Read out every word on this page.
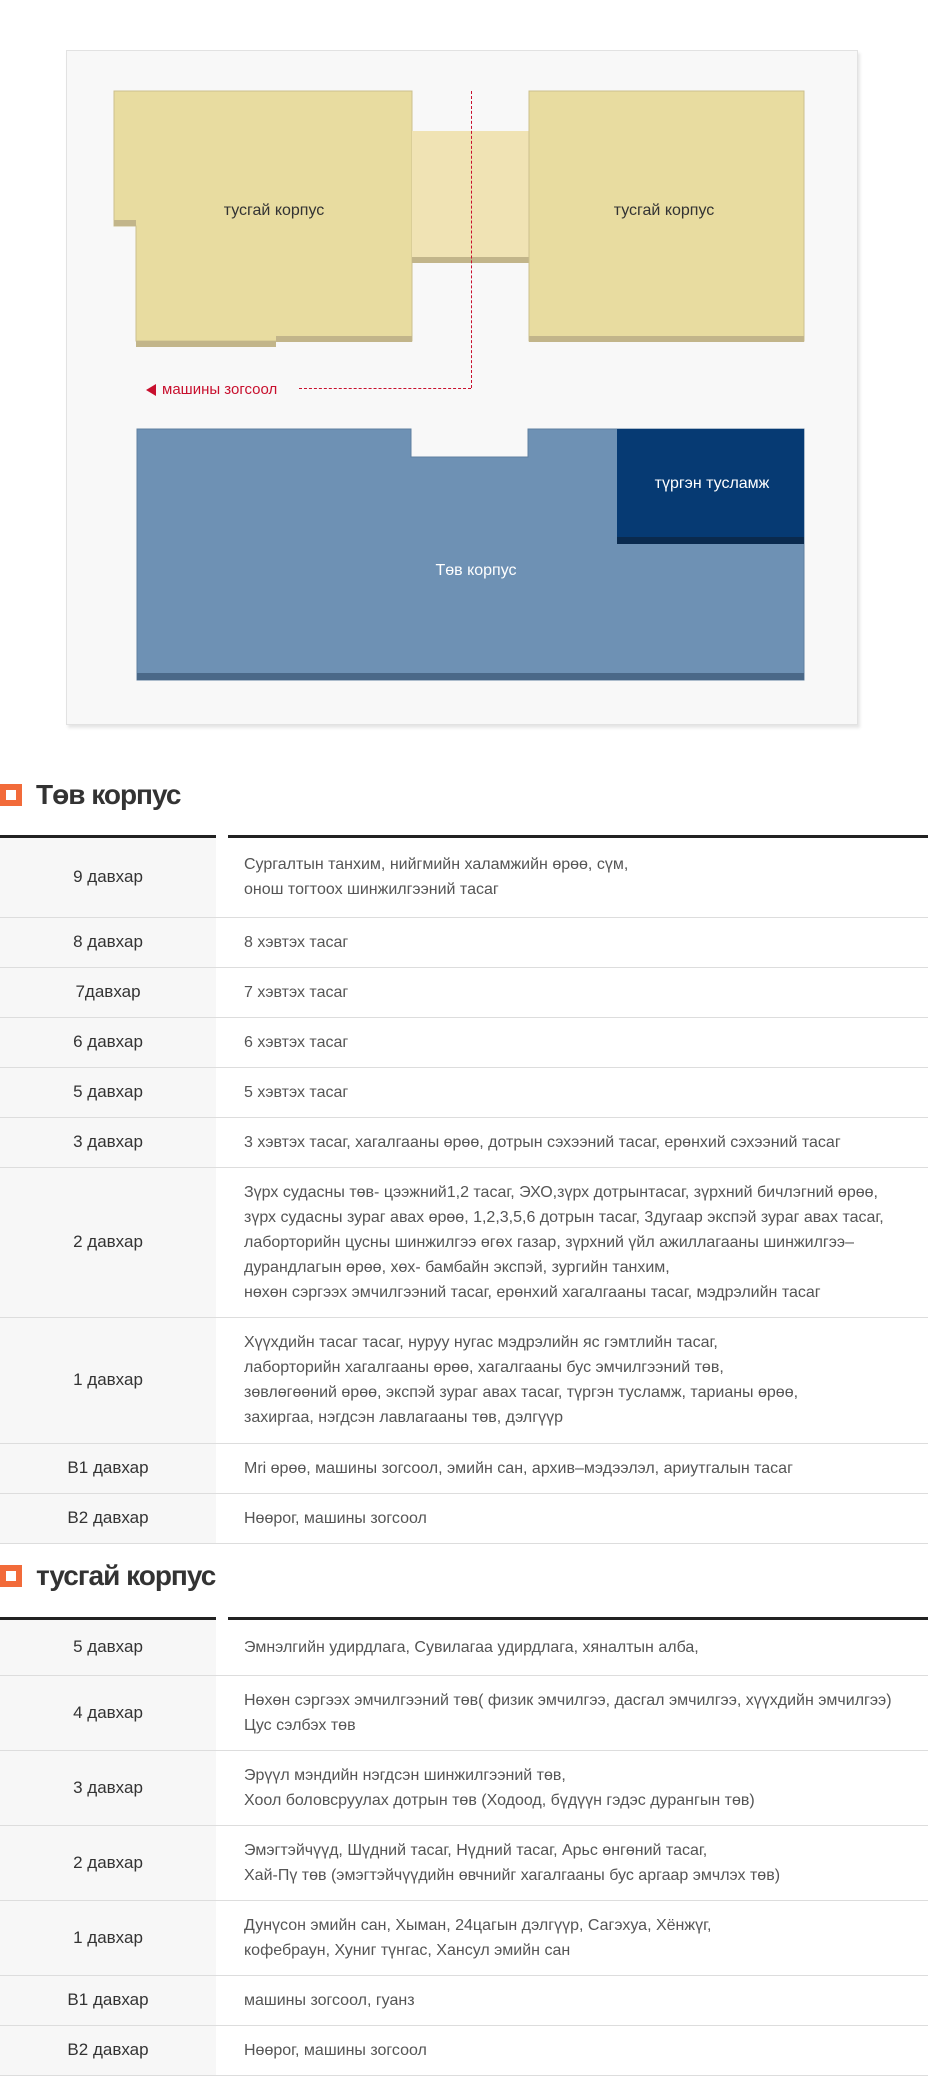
тусгай корпус	тусгай корпус
машины зогсоол
Төв корпус
түргэн тусламж
Төв корпус

9 давхар		Сургалтын танхим, нийгмийн халамжийн өрөө, сүм,
онош тогтоох шинжилгээний тасаг

8 давхар		8 хэвтэх тасаг

7давхар		7 хэвтэх тасаг

6 давхар		6 хэвтэх тасаг

5 давхар		5 хэвтэх тасаг

3 давхар		3 хэвтэх тасаг, хагалгааны өрөө, дотрын сэхээний тасаг, ерөнхий сэхээний тасаг

2 давхар		Зүрх судасны төв- цээжний1,2 тасаг, ЭХО,зүрх дотрынтасаг, зүрхний бичлэгний өрөө,
зүрх судасны зураг авах өрөө, 1,2,3,5,6 дотрын тасаг, 3дугаар экспэй зураг авах тасаг,
лаборторийн цусны шинжилгээ өгөх газар, зүрхний үйл ажиллагааны шинжилгээ–
дурандлагын өрөө, хөх- бамбайн экспэй, зургийн танхим,
нөхөн сэргээх эмчилгээний тасаг, ерөнхий хагалгааны тасаг, мэдрэлийн тасаг

1 давхар		Хүүхдийн тасаг тасаг, нуруу нугас мэдрэлийн яс гэмтлийн тасаг,
лаборторийн хагалгааны өрөө, хагалгааны бус эмчилгээний төв,
зөвлөгөөний өрөө, экспэй зураг авах тасаг, түргэн тусламж, тарианы өрөө,
захиргаа, нэгдсэн лавлагааны төв, дэлгүүр

B1 давхар		Mri өрөө, машины зогсоол, эмийн сан, архив–мэдээлэл, ариутгалын тасаг

B2 давхар		Нөөрог, машины зогсоол
тусгай корпус

5 давхар		Эмнэлгийн удирдлага, Сувилагаа удирдлага, хяналтын алба,

4 давхар		Нөхөн сэргээх эмчилгээний төв( физик эмчилгээ, дасгал эмчилгээ, хүүхдийн эмчилгээ)
Цус сэлбэх төв

3 давхар		Эрүүл мэндийн нэгдсэн шинжилгээний төв,
Хоол боловсруулах дотрын төв (Ходоод, бүдүүн гэдэс дурангын төв)

2 давхар		Эмэгтэйчүүд, Шүдний тасаг, Нүдний тасаг, Арьс өнгөний тасаг,
Хай-Пү төв (эмэгтэйчүүдийн өвчнийг хагалгааны бус аргаар эмчлэх төв)

1 давхар		Дунүсон эмийн сан, Хыман, 24цагын дэлгүүр, Сагэхуа, Хёнжүг,
кофебраун, Хуниг түнгас, Хансул эмийн сан

B1 давхар		машины зогсоол, гуанз

B2 давхар		Нөөрог, машины зогсоол
